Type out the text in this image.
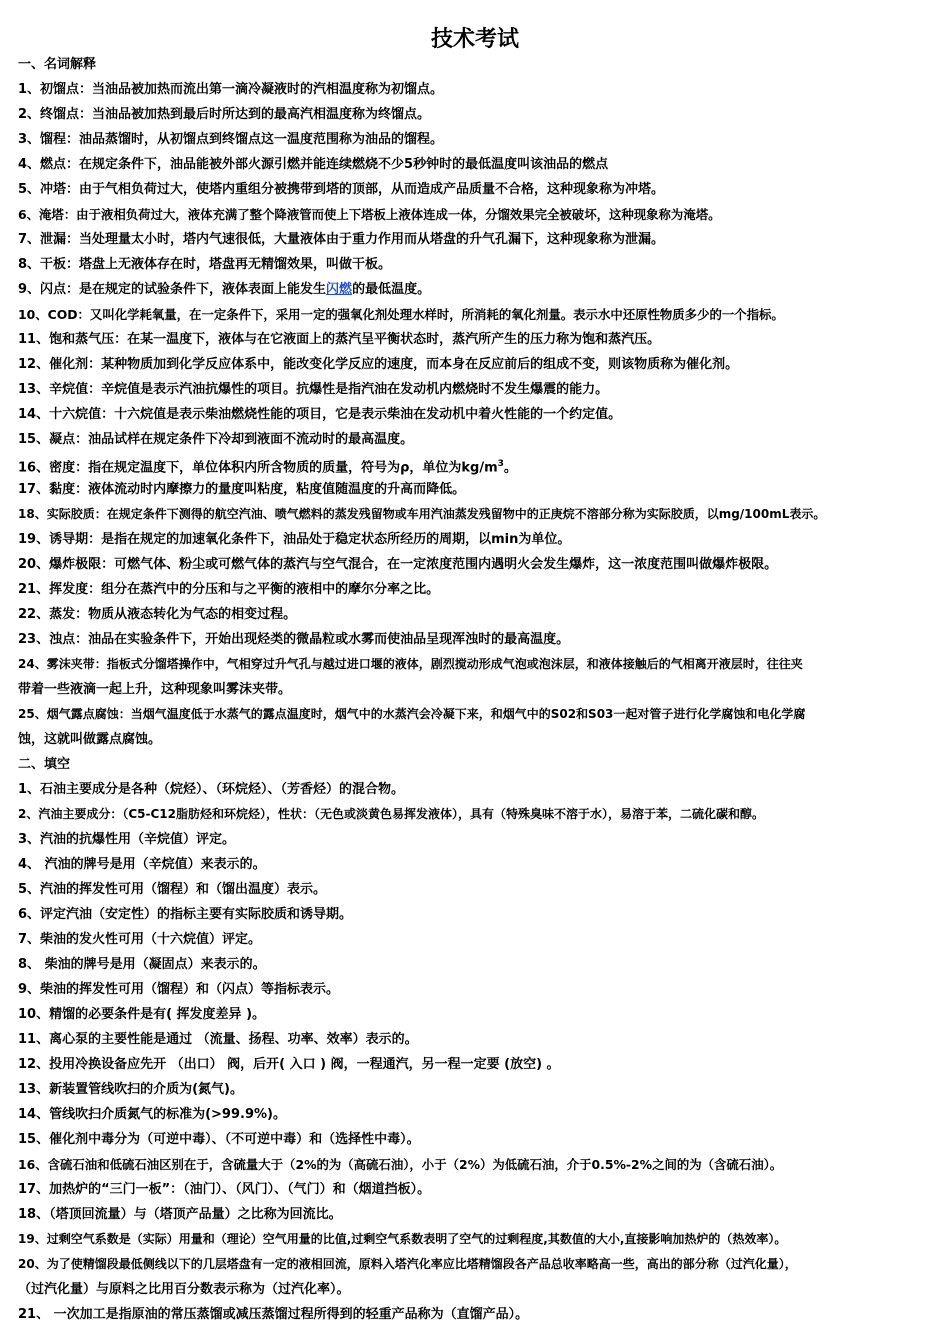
技术考试
一、名词解释
1、初馏点：当油品被加热而流出第一滴冷凝液时的汽相温度称为初馏点。
2、终馏点：当油品被加热到最后时所达到的最高汽相温度称为终馏点。
3、馏程：油品蒸馏时，从初馏点到终馏点这一温度范围称为油品的馏程。
4、燃点：在规定条件下，油品能被外部火源引燃并能连续燃烧不少5秒钟时的最低温度叫该油品的燃点
5、冲塔：由于气相负荷过大，使塔内重组分被携带到塔的顶部，从而造成产品质量不合格，这种现象称为冲塔。
6、淹塔：由于液相负荷过大，液体充满了整个降液管而使上下塔板上液体连成一体，分馏效果完全被破坏，这种现象称为淹塔。
7、泄漏：当处理量太小时，塔内气速很低，大量液体由于重力作用而从塔盘的升气孔漏下，这种现象称为泄漏。
8、干板：塔盘上无液体存在时，塔盘再无精馏效果，叫做干板。
9、闪点：是在规定的试验条件下，液体表面上能发生闪燃的最低温度。
10、COD：又叫化学耗氧量，在一定条件下，采用一定的强氧化剂处理水样时，所消耗的氧化剂量。表示水中还原性物质多少的一个指标。
11、饱和蒸气压：在某一温度下，液体与在它液面上的蒸汽呈平衡状态时，蒸汽所产生的压力称为饱和蒸汽压。
12、催化剂：某种物质加到化学反应体系中，能改变化学反应的速度，而本身在反应前后的组成不变，则该物质称为催化剂。
13、辛烷值：辛烷值是表示汽油抗爆性的项目。抗爆性是指汽油在发动机内燃烧时不发生爆震的能力。
14、十六烷值：十六烷值是表示柴油燃烧性能的项目，它是表示柴油在发动机中着火性能的一个约定值。
15、凝点：油品试样在规定条件下冷却到液面不流动时的最高温度。
16、密度：指在规定温度下，单位体积内所含物质的质量，符号为ρ，单位为$kg/m^3$。
17、黏度：液体流动时内摩擦力的量度叫粘度，粘度值随温度的升高而降低。
18、实际胶质：在规定条件下测得的航空汽油、喷气燃料的蒸发残留物或车用汽油蒸发残留物中的正庚烷不溶部分称为实际胶质，以mg/100mL表示。
19、诱导期：是指在规定的加速氧化条件下，油品处于稳定状态所经历的周期，以min为单位。
20、爆炸极限：可燃气体、粉尘或可燃气体的蒸汽与空气混合，在一定浓度范围内遇明火会发生爆炸，这一浓度范围叫做爆炸极限。
21、挥发度：组分在蒸汽中的分压和与之平衡的液相中的摩尔分率之比。
22、蒸发：物质从液态转化为气态的相变过程。
23、浊点：油品在实验条件下，开始出现烃类的微晶粒或水雾而使油品呈现浑浊时的最高温度。
24、雾沫夹带：指板式分馏塔操作中，气相穿过升气孔与越过进口堰的液体，剧烈搅动形成气泡或泡沫层，和液体接触后的气相离开液层时，往往夹
带着一些液滴一起上升，这种现象叫雾沫夹带。
25、烟气露点腐蚀：当烟气温度低于水蒸气的露点温度时，烟气中的水蒸汽会冷凝下来，和烟气中的S02和S03一起对管子进行化学腐蚀和电化学腐
蚀，这就叫做露点腐蚀。
二、填空
1、石油主要成分是各种（烷烃）、（环烷烃）、（芳香烃）的混合物。
2、汽油主要成分：（C5-C12脂肪烃和环烷烃），性状：（无色或淡黄色易挥发液体），具有（特殊臭味不溶于水），易溶于苯，二硫化碳和醇。
3、汽油的抗爆性用（辛烷值）评定。
4、 汽油的牌号是用（辛烷值）来表示的。
5、汽油的挥发性可用（馏程）和（馏出温度）表示。
6、评定汽油（安定性）的指标主要有实际胶质和诱导期。
7、柴油的发火性可用（十六烷值）评定。
8、 柴油的牌号是用（凝固点）来表示的。
9、柴油的挥发性可用（馏程）和（闪点）等指标表示。
10、精馏的必要条件是有( 挥发度差异 )。
11、离心泵的主要性能是通过 （流量、扬程、功率、效率）表示的。
12、投用冷换设备应先开 （出口） 阀，后开( 入口 ) 阀，一程通汽，另一程一定要 (放空) 。
13、新装置管线吹扫的介质为(氮气)。
14、管线吹扫介质氮气的标准为(>99.9%)。
15、催化剂中毒分为（可逆中毒）、（不可逆中毒）和（选择性中毒）。
16、含硫石油和低硫石油区别在于，含硫量大于（2%的为（高硫石油），小于（2%）为低硫石油，介于0.5%-2%之间的为（含硫石油）。
17、加热炉的“三门一板”：（油门）、（风门）、（气门）和（烟道挡板）。
18、（塔顶回流量）与（塔顶产品量）之比称为回流比。
19、过剩空气系数是（实际）用量和（理论）空气用量的比值,过剩空气系数表明了空气的过剩程度,其数值的大小,直接影响加热炉的（热效率）。
20、为了使精馏段最低侧线以下的几层塔盘有一定的液相回流，原料入塔汽化率应比塔精馏段各产品总收率略高一些，高出的部分称（过汽化量），
（过汽化量）与原料之比用百分数表示称为（过汽化率）。
21、 一次加工是指原油的常压蒸馏或减压蒸馏过程所得到的轻重产品称为（直馏产品）。
